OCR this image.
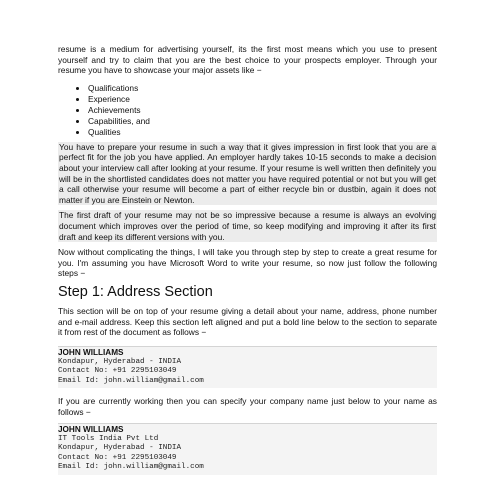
resume is a medium for advertising yourself, its the first most means which you use to present yourself and try to claim that you are the best choice to your prospects employer. Through your resume you have to showcase your major assets like −

Qualifications
Experience
Achievements
Capabilities, and
Qualities

You have to prepare your resume in such a way that it gives impression in first look that you are a perfect fit for the job you have applied. An employer hardly takes 10-15 seconds to make a decision about your interview call after looking at your resume. If your resume is well written then definitely you will be in the shortlisted candidates does not matter you have required potential or not but you will get a call otherwise your resume will become a part of either recycle bin or dustbin, again it does not matter if you are Einstein or Newton.

The first draft of your resume may not be so impressive because a resume is always an evolving document which improves over the period of time, so keep modifying and improving it after its first draft and keep its different versions with you.

Now without complicating the things, I will take you through step by step to create a great resume for you. I'm assuming you have Microsoft Word to write your resume, so now just follow the following steps −

Step 1: Address Section

This section will be on top of your resume giving a detail about your name, address, phone number and e-mail address. Keep this section left aligned and put a bold line below to the section to separate it from rest of the document as follows −

JOHN WILLIAMS
Kondapur, Hyderabad - INDIA
Contact No: +91 2295103049
Email Id: john.william@gmail.com

If you are currently working then you can specify your company name just below to your name as follows −

JOHN WILLIAMS
IT Tools India Pvt Ltd
Kondapur, Hyderabad - INDIA
Contact No: +91 2295103049
Email Id: john.william@gmail.com
